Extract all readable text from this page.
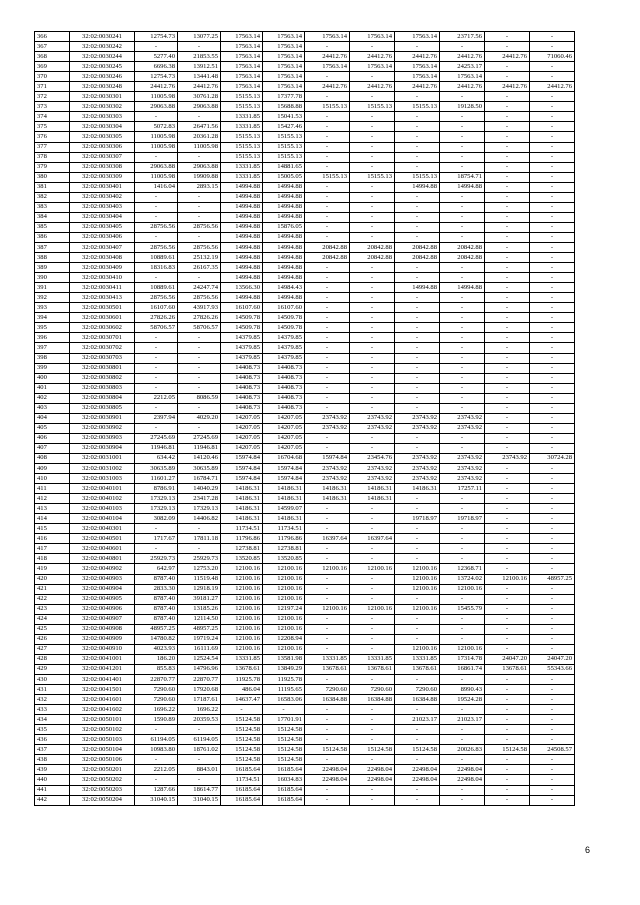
366	32:02:0030241	12754.73	13077.25	17563.14	17563.14	17563.14	17563.14	17563.14	23717.56	-	-
367	32:02:0030242	-	-	17563.14	17563.14	-	-	-	-	-	-
368	32:02:0030244	5277.40	21853.55	17563.14	17563.14	24412.76	24412.76	24412.76	24412.76	24412.76	71060.46
369	32:02:0030245	6696.38	13912.51	17563.14	17563.14	17563.14	17563.14	17563.14	24253.17	-	-
370	32:02:0030246	12754.73	13441.48	17563.14	17563.14	-	-	17563.14	17563.14	-	-
371	32:02:0030248	24412.76	24412.76	17563.14	17563.14	24412.76	24412.76	24412.76	24412.76	24412.76	24412.76
372	32:02:0030301	11005.98	30761.28	15155.13	17377.78	-	-	-	-	-	-
373	32:02:0030302	29063.88	29063.88	15155.13	15688.88	15155.13	15155.13	15155.13	19128.50	-	-
374	32:02:0030303	-	-	13331.85	15041.53	-	-	-	-	-	-
375	32:02:0030304	5072.83	26471.56	13331.85	15427.46	-	-	-	-	-	-
376	32:02:0030305	11005.98	20361.28	15155.13	15155.13	-	-	-	-	-	-
377	32:02:0030306	11005.98	11005.98	15155.13	15155.13	-	-	-	-	-	-
378	32:02:0030307	-	-	15155.13	15155.13	-	-	-	-	-	-
379	32:02:0030308	29063.88	29063.88	13331.85	14881.65	-	-	-	-	-	-
380	32:02:0030309	11005.98	19909.88	13331.85	15005.05	15155.13	15155.13	15155.13	18754.71	-	-
381	32:02:0030401	1416.04	2893.15	14994.88	14994.88	-	-	14994.88	14994.88	-	-
382	32:02:0030402	-	-	14994.88	14994.88	-	-	-	-	-	-
383	32:02:0030403	-	-	14994.88	14994.88	-	-	-	-	-	-
384	32:02:0030404	-	-	14994.88	14994.88	-	-	-	-	-	-
385	32:02:0030405	28756.56	28756.56	14994.88	15876.05	-	-	-	-	-	-
386	32:02:0030406	-	-	14994.88	14994.88	-	-	-	-	-	-
387	32:02:0030407	28756.56	28756.56	14994.88	14994.88	20842.88	20842.88	20842.88	20842.88	-	-
388	32:02:0030408	10889.61	25132.19	14994.88	14994.88	20842.88	20842.88	20842.88	20842.88	-	-
389	32:02:0030409	18316.83	26167.35	14994.88	14994.88	-	-	-	-	-	-
390	32:02:0030410	-	-	14994.88	14994.88	-	-	-	-	-	-
391	32:02:0030411	10889.61	24247.74	13566.30	14984.43	-	-	14994.88	14994.88	-	-
392	32:02:0030413	28756.56	28756.56	14994.88	14994.88	-	-	-	-	-	-
393	32:02:0030501	16107.60	43917.93	16107.60	16107.60	-	-	-	-	-	-
394	32:02:0030601	27826.26	27826.26	14509.78	14509.78	-	-	-	-	-	-
395	32:02:0030602	58706.57	58706.57	14509.78	14509.78	-	-	-	-	-	-
396	32:02:0030701	-	-	14379.85	14379.85	-	-	-	-	-	-
397	32:02:0030702	-	-	14379.85	14379.85	-	-	-	-	-	-
398	32:02:0030703	-	-	14379.85	14379.85	-	-	-	-	-	-
399	32:02:0030801	-	-	14408.73	14408.73	-	-	-	-	-	-
400	32:02:0030802	-	-	14408.73	14408.73	-	-	-	-	-	-
401	32:02:0030803	-	-	14408.73	14408.73	-	-	-	-	-	-
402	32:02:0030804	2212.05	8086.59	14408.73	14408.73	-	-	-	-	-	-
403	32:02:0030805	-	-	14408.73	14408.73	-	-	-	-	-	-
404	32:02:0030901	2397.94	4029.20	14207.05	14207.05	23743.92	23743.92	23743.92	23743.92	-	-
405	32:02:0030902	-	-	14207.05	14207.05	23743.92	23743.92	23743.92	23743.92	-	-
406	32:02:0030903	27245.69	27245.69	14207.05	14207.05	-	-	-	-	-	-
407	32:02:0030904	11946.81	11946.81	14207.05	14207.05	-	-	-	-	-	-
408	32:02:0031001	634.42	14120.46	15974.84	16704.68	15974.84	23454.76	23743.92	23743.92	23743.92	30724.28
409	32:02:0031002	30635.89	30635.89	15974.84	15974.84	23743.92	23743.92	23743.92	23743.92	-	-
410	32:02:0031003	11601.27	16784.71	15974.84	15974.84	23743.92	23743.92	23743.92	23743.92	-	-
411	32:02:0040101	8786.91	14040.29	14186.31	14186.31	14186.31	14186.31	14186.31	17257.11	-	-
412	32:02:0040102	17329.13	23417.28	14186.31	14186.31	14186.31	14186.31	-	-	-	-
413	32:02:0040103	17329.13	17329.13	14186.31	14599.07	-	-	-	-	-	-
414	32:02:0040104	3082.09	14406.82	14186.31	14186.31	-	-	19718.97	19718.97	-	-
415	32:02:0040301	-	-	11734.51	11734.51	-	-	-	-	-	-
416	32:02:0040501	1717.67	17811.18	11796.86	11796.86	16397.64	16397.64	-	-	-	-
417	32:02:0040601	-	-	12738.81	12738.81	-	-	-	-	-	-
418	32:02:0040801	25929.73	25929.73	13520.85	13520.85	-	-	-	-	-	-
419	32:02:0040902	642.97	12753.20	12100.16	12100.16	12100.16	12100.16	12100.16	12368.71	-	-
420	32:02:0040903	8787.40	11519.48	12100.16	12100.16	-	-	12100.16	13724.02	12100.16	48957.25
421	32:02:0040904	2833.30	12918.19	12100.16	12100.16	-	-	12100.16	12100.16	-	-
422	32:02:0040905	8787.40	39181.27	12100.16	12100.16	-	-	-	-	-	-
423	32:02:0040906	8787.40	13185.26	12100.16	12197.24	12100.16	12100.16	12100.16	15455.79	-	-
424	32:02:0040907	8787.40	12114.50	12100.16	12100.16	-	-	-	-	-	-
425	32:02:0040908	48957.25	48957.25	12100.16	12100.16	-	-	-	-	-	-
426	32:02:0040909	14780.82	19719.24	12100.16	12208.94	-	-	-	-	-	-
427	32:02:0040910	4023.93	16111.69	12100.16	12100.16	-	-	12100.16	12100.16	-	-
428	32:02:0041001	186.20	12524.54	13331.85	13581.98	13331.85	13331.85	13331.85	17314.78	24047.20	24047.20
429	32:02:0041201	855.83	14796.96	13678.61	13849.29	13678.61	13678.61	13678.61	16861.74	13678.61	55343.66
430	32:02:0041401	22870.77	22870.77	11925.78	11925.78	-	-	-	-	-	-
431	32:02:0041501	7290.60	17920.68	486.04	11195.65	7290.60	7290.60	7290.60	8990.43	-	-
432	32:02:0041601	7290.60	17187.61	14637.47	16583.06	16384.88	16384.88	16384.88	19524.28	-	-
433	32:02:0041602	1696.22	1696.22	-	-	-	-	-	-	-	-
434	32:02:0050101	1590.89	20359.53	15124.58	17701.91	-	-	21023.17	21023.17	-	-
435	32:02:0050102	-	-	15124.58	15124.58	-	-	-	-	-	-
436	32:02:0050103	61194.05	61194.05	15124.58	15124.58	-	-	-	-	-	-
437	32:02:0050104	10983.80	18761.02	15124.58	15124.58	15124.58	15124.58	15124.58	20026.83	15124.58	24508.57
438	32:02:0050106	-	-	15124.58	15124.58	-	-	-	-	-	-
439	32:02:0050201	2212.05	8843.01	16185.64	16185.64	22498.04	22498.04	22498.04	22498.04	-	-
440	32:02:0050202	-	-	11734.51	16034.83	22498.04	22498.04	22498.04	22498.04	-	-
441	32:02:0050203	1287.66	18614.77	16185.64	16185.64	-	-	-	-	-	-
442	32:02:0050204	31040.15	31040.15	16185.64	16185.64	-	-	-	-	-	-
6
